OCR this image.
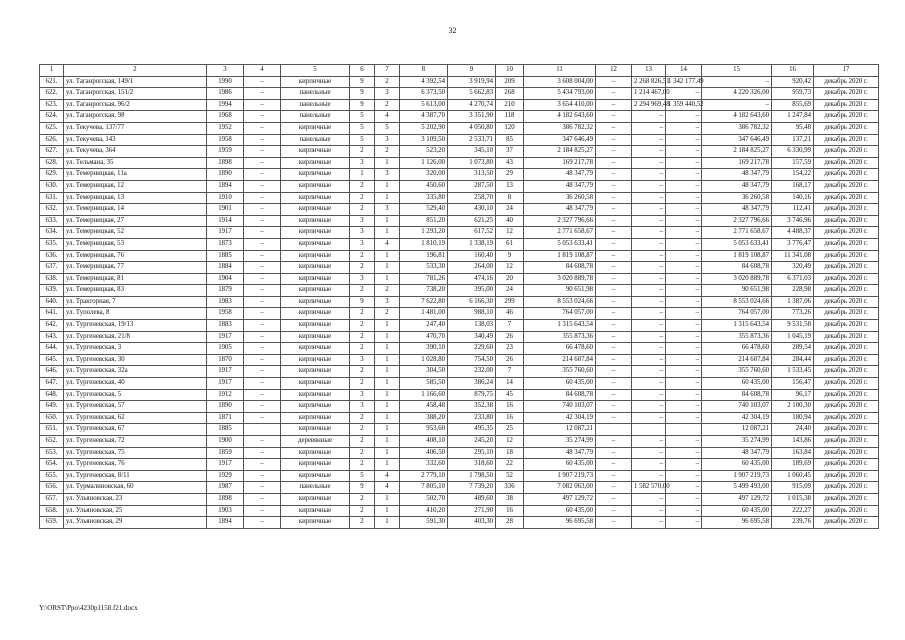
32
1	2	3	4	5	6	7	8	9	10	11	12	13	14	15	16	17
621.	ул. Таганрогская, 149/1	1990	–	кирпичные	9	2	4 392,54	3 919,94	209	3 608 004,00	–	2 268 826,51	1 342 177,49	–	920,42	декабрь 2020 г.
622.	ул. Таганрогская, 151/2	1986	–	панельные	9	3	6 373,50	5 662,83	268	5 434 793,00	–	1 214 467,00	–	4 220 326,00	959,73	декабрь 2020 г.
623.	ул. Таганрогская, 96/2	1994	–	панельные	9	2	5 613,00	4 270,74	210	3 654 410,00	–	2 294 969,48	1 359 440,52	–	855,69	декабрь 2020 г.
624.	ул. Таганрогская, 98	1968	–	панельные	5	4	4 387,70	3 351,90	118	4 182 643,60	–	–	–	4 182 643,60	1 247,84	декабрь 2020 г.
625.	ул. Текучева, 137/77	1952	–	кирпичные	5	5	5 202,90	4 050,80	120	386 782,32	–	–	–	386 782,32	95,48	декабрь 2020 г.
626.	ул. Текучева, 143	1958	–	панельные	5	3	3 109,50	2 533,71	85	347 646,49	–	–	–	347 646,49	137,21	декабрь 2020 г.
627.	ул. Текучева, 364	1959	–	кирпичные	2	2	523,20	345,10	37	2 184 825,27	–	–	–	2 184 825,27	6 330,99	декабрь 2020 г.
628.	ул. Тельмана, 35	1898	–	кирпичные	3	1	1 126,00	1 073,80	43	169 217,78	–	–	–	169 217,78	157,59	декабрь 2020 г.
629.	ул. Темерницкая, 11а	1890	–	кирпичные	1	3	320,00	313,50	29	48 347,79	–	–	–	48 347,79	154,22	декабрь 2020 г.
630.	ул. Темерницкая, 12	1894	–	кирпичные	2	1	450,60	287,50	13	48 347,79	–	–	–	48 347,79	168,17	декабрь 2020 г.
631.	ул. Темерницкая, 13	1910	–	кирпичные	2	1	335,80	258,70	8	36 260,58	–	–	–	36 260,58	140,16	декабрь 2020 г.
632.	ул. Темерницкая, 14	1901	–	кирпичные	2	3	529,40	430,10	24	48 347,79	–	–	–	48 347,79	112,41	декабрь 2020 г.
633.	ул. Темерницкая, 27	1914	–	кирпичные	3	1	851,20	621,25	40	2 327 796,66	–	–	–	2 327 796,66	3 746,96	декабрь 2020 г.
634.	ул. Темерницкая, 52	1917	–	кирпичные	3	1	1 293,20	617,52	12	2 771 658,67	–	–	–	2 771 658,67	4 488,37	декабрь 2020 г.
635.	ул. Темерницкая, 53	1873	–	кирпичные	3	4	1 810,19	1 338,19	61	5 053 633,41	–	–	–	5 053 633,41	3 776,47	декабрь 2020 г.
636.	ул. Темерницкая, 76	1885	–	кирпичные	2	1	196,81	160,40	9	1 819 108,87	–	–	–	1 819 108,87	11 341,08	декабрь 2020 г.
637.	ул. Темерницкая, 77	1884	–	кирпичные	2	1	533,30	264,00	12	84 608,78	–	–	–	84 608,78	320,49	декабрь 2020 г.
638.	ул. Темерницкая, 81	1904	–	кирпичные	3	1	781,26	474,16	20	3 020 889,78	–	–	–	3 020 889,78	6 371,03	декабрь 2020 г.
639.	ул. Темерницкая, 83	1879	–	кирпичные	2	2	738,20	395,00	24	90 651,98	–	–	–	90 651,98	228,98	декабрь 2020 г.
640.	ул. Тракторная, 7	1983	–	кирпичные	9	3	7 622,80	6 166,30	299	8 553 024,66	–	–	–	8 553 024,66	1 387,06	декабрь 2020 г.
641.	ул. Туполева, 8	1958	–	кирпичные	2	2	1 481,00	988,10	46	764 057,00	–	–	–	764 057,00	773,26	декабрь 2020 г.
642.	ул. Тургеневская, 19/13	1883	–	кирпичные	2	1	247,40	138,03	7	1 315 643,54	–	–	–	1 315 643,54	9 531,58	декабрь 2020 г.
643.	ул. Тургеневская, 21/8	1917	–	кирпичные	2	1	470,70	340,49	26	355 873,36	–	–	–	355 873,36	1 045,19	декабрь 2020 г.
644.	ул. Тургеневская, 3	1905	–	кирпичные	2	1	390,10	229,60	23	66 478,60	–	–	–	66 478,60	289,54	декабрь 2020 г.
645.	ул. Тургеневская, 30	1870	–	кирпичные	3	1	1 028,80	754,50	26	214 607,84	–	–	–	214 607,84	284,44	декабрь 2020 г.
646.	ул. Тургеневская, 32а	1917	–	кирпичные	2	1	304,50	232,00	7	355 760,60	–	–	–	355 760,60	1 533,45	декабрь 2020 г.
647.	ул. Тургеневская, 40	1917	–	кирпичные	2	1	585,50	386,24	14	60 435,00	–	–	–	60 435,00	156,47	декабрь 2020 г.
648.	ул. Тургеневская, 5	1912	–	кирпичные	3	1	1 166,60	879,75	45	84 608,78	–	–	–	84 608,78	96,17	декабрь 2020 г.
649.	ул. Тургеневская, 57	1890	–	кирпичные	3	1	458,48	352,38	16	740 103,07	–	–	–	740 103,07	2 100,30	декабрь 2020 г.
650.	ул. Тургеневская, 62	1871	–	кирпичные	2	1	388,20	233,80	16	42 304,19	–	–	–	42 304,19	180,94	декабрь 2020 г.
651.	ул. Тургеневская, 67	1885		кирпичные	2	1	953,60	495,35	25	12 087,21				12 087,21	24,40	декабрь 2020 г.
652.	ул. Тургеневская, 72	1900	–	деревянные	2	1	408,10	245,20	12	35 274,99	–	–	–	35 274,99	143,86	декабрь 2020 г.
653.	ул. Тургеневская, 75	1859	–	кирпичные	2	1	406,50	295,10	18	48 347,79	–	–	–	48 347,79	163,84	декабрь 2020 г.
654.	ул. Тургеневская, 76	1917	–	кирпичные	2	1	332,60	318,60	22	60 435,00	–	–	–	60 435,00	189,69	декабрь 2020 г.
655.	ул. Тургеневская, 8/11	1929	–	кирпичные	5	4	2 779,10	1 798,50	52	1 907 219,73	–	–	–	1 907 219,73	1 060,45	декабрь 2020 г.
656.	ул. Турмалиновская, 60	1987	–	панельные	9	4	7 805,10	7 739,20	336	7 082 063,00	–	1 582 570,00	–	5 499 493,00	915,09	декабрь 2020 г.
657.	ул. Ульяновская, 23	1898	–	кирпичные	2	1	502,70	489,60	38	497 129,72	–	–	–	497 129,72	1 015,38	декабрь 2020 г.
658.	ул. Ульяновская, 25	1903	–	кирпичные	2	1	410,20	271,90	16	60 435,00	–	–	–	60 435,00	222,27	декабрь 2020 г.
659.	ул. Ульяновская, 29	1894	–	кирпичные	2	1	591,30	403,30	28	96 695,58	–	–	–	96 695,58	239,76	декабрь 2020 г.
Y:\ORST\Ppo\4230p1158.f21.docx
